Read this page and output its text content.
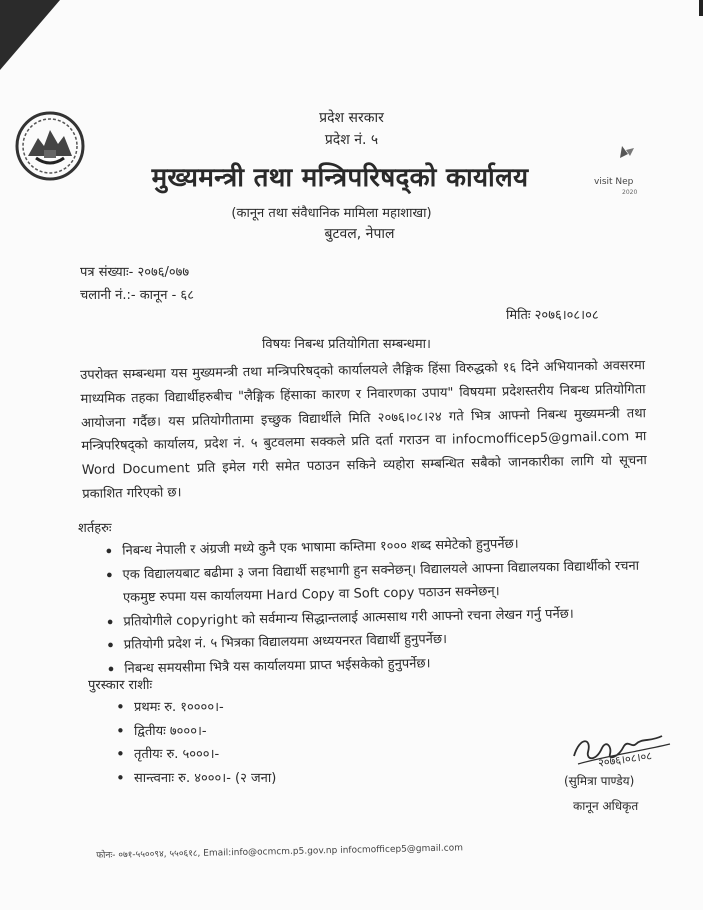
visit Nep
2020
प्रदेश सरकार
प्रदेश नं. ५
मुख्यमन्त्री तथा मन्त्रिपरिषद्को कार्यालय
(कानून तथा संवैधानिक मामिला महाशाखा)
बुटवल, नेपाल
पत्र संख्याः- २०७६/०७७
चलानी नं.:- कानून - ६८
मितिः २०७६।०८।०८
विषयः निबन्ध प्रतियोगिता सम्बन्धमा।
उपरोक्त सम्बन्धमा यस मुख्यमन्त्री तथा मन्त्रिपरिषद्को कार्यालयले लैङ्गिक हिंसा विरुद्धको १६ दिने अभियानको अवसरमा माध्यमिक तहका विद्यार्थीहरुबीच "लैङ्गिक हिंसाका कारण र निवारणका उपाय" विषयमा प्रदेशस्तरीय निबन्ध प्रतियोगिता आयोजना गर्दैछ। यस प्रतियोगीतामा इच्छुक विद्यार्थीले मिति २०७६।०८।२४ गते भित्र आफ्नो निबन्ध मुख्यमन्त्री तथा मन्त्रिपरिषद्को कार्यालय, प्रदेश नं. ५ बुटवलमा सक्कले प्रति दर्ता गराउन वा infocmofficep5@gmail.com मा Word Document प्रति इमेल गरी समेत पठाउन सकिने व्यहोरा सम्बन्धित सबैको जानकारीका लागि यो सूचना प्रकाशित गरिएको छ।
शर्तहरुः
• निबन्ध नेपाली र अंग्रजी मध्ये कुनै एक भाषामा कम्तिमा १००० शब्द समेटेको हुनुपर्नेछ।
• एक विद्यालयबाट बढीमा ३ जना विद्यार्थी सहभागी हुन सक्नेछन्। विद्यालयले आफ्ना विद्यालयका विद्यार्थीको रचना एकमुष्ट रुपमा यस कार्यालयमा Hard Copy वा Soft copy पठाउन सक्नेछन्।
• प्रतियोगीले copyright को सर्वमान्य सिद्धान्तलाई आत्मसाथ गरी आफ्नो रचना लेखन गर्नु पर्नेछ।
• प्रतियोगी प्रदेश नं. ५ भित्रका विद्यालयमा अध्ययनरत विद्यार्थी हुनुपर्नेछ।
• निबन्ध समयसीमा भित्रै यस कार्यालयमा प्राप्त भईसकेको हुनुपर्नेछ।
पुरस्कार राशीः
• प्रथमः रु. १००००।-
• द्वितीयः ७०००।-
• तृतीयः रु. ५०००।-
• सान्त्वनाः रु. ४०००।- (२ जना)
२०७६।०८।०८
(सुमित्रा पाण्डेय)
कानून अधिकृत
फोनः- ०७१-५५००९४, ५५०६१८, Email:info@ocmcm.p5.gov.np infocmofficep5@gmail.com
